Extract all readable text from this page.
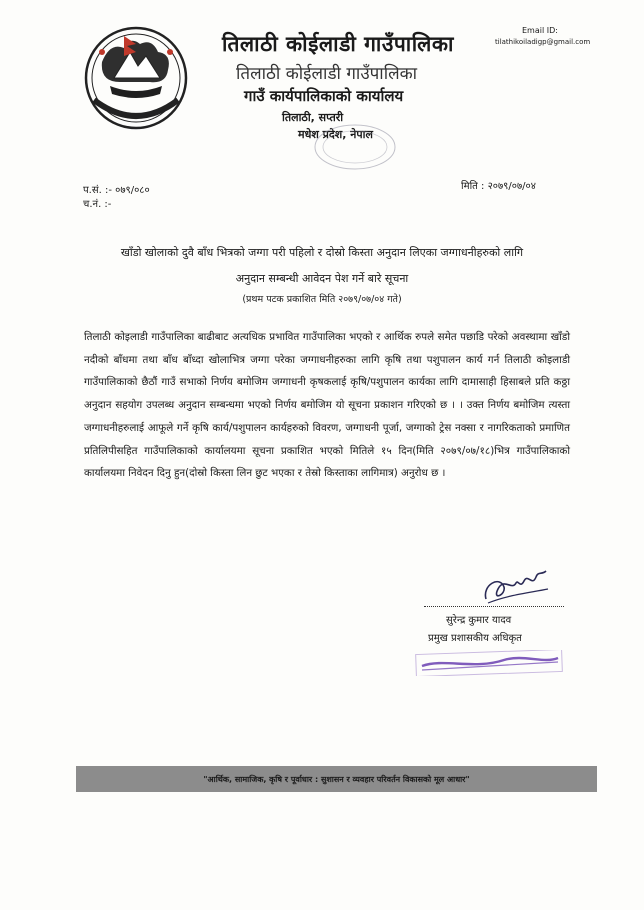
तिलाठी कोईलाडी गाउँपालिका
तिलाठी कोईलाडी गाउँपालिका
गाउँ कार्यपालिकाको कार्यालय
तिलाठी, सप्तरी
मधेश प्रदेश, नेपाल
Email ID:
tilathikoiladigp@gmail.com
प.सं. :- ०७९/०८०
च.नं. :-
मिति : २०७९/०७/०४
खाँडो खोलाको दुवै बाँध भित्रको जग्गा परी पहिलो र दोस्रो किस्ता अनुदान लिएका जग्गाधनीहरुको लागि
अनुदान सम्बन्धी आवेदन पेश गर्ने बारे सूचना
(प्रथम पटक प्रकाशित मिति २०७९/०७/०४ गते)
तिलाठी कोइलाडी गाउँपालिका बाढीबाट अत्यधिक प्रभावित गाउँपालिका भएको र आर्थिक रुपले समेत पछाडि परेको अवस्थामा खाँडो नदीको बाँधमा तथा बाँध बाँध्दा खोलाभित्र जग्गा परेका जग्गाधनीहरुका लागि कृषि तथा पशुपालन कार्य गर्न तिलाठी कोइलाडी गाउँपालिकाको छैठौं गाउँ सभाको निर्णय बमोजिम जग्गाधनी कृषकलाई कृषि/पशुपालन कार्यका लागि दामासाही हिसाबले प्रति कठ्ठा अनुदान सहयोग उपलब्ध अनुदान सम्बन्धमा भएको निर्णय बमोजिम यो सूचना प्रकाशन गरिएको छ । । उक्त निर्णय बमोजिम त्यस्ता जग्गाधनीहरुलाई आफूले गर्ने कृषि कार्य/पशुपालन कार्यहरुको विवरण, जग्गाधनी पूर्जा, जग्गाको ट्रेस नक्सा र नागरिकताको प्रमाणित प्रतिलिपीसहित गाउँपालिकाको कार्यालयमा सूचना प्रकाशित भएको मितिले १५ दिन(मिति २०७९/०७/१८)भित्र गाउँपालिकाको कार्यालयमा निवेदन दिनु हुन(दोस्रो किस्ता लिन छुट भएका र तेस्रो किस्ताका लागिमात्र) अनुरोध छ ।
सुरेन्द्र कुमार यादव
प्रमुख प्रशासकीय अधिकृत
"आर्थिक, सामाजिक, कृषि र पूर्वाधार : सुशासन र व्यवहार परिवर्तन विकासको मूल आधार"
